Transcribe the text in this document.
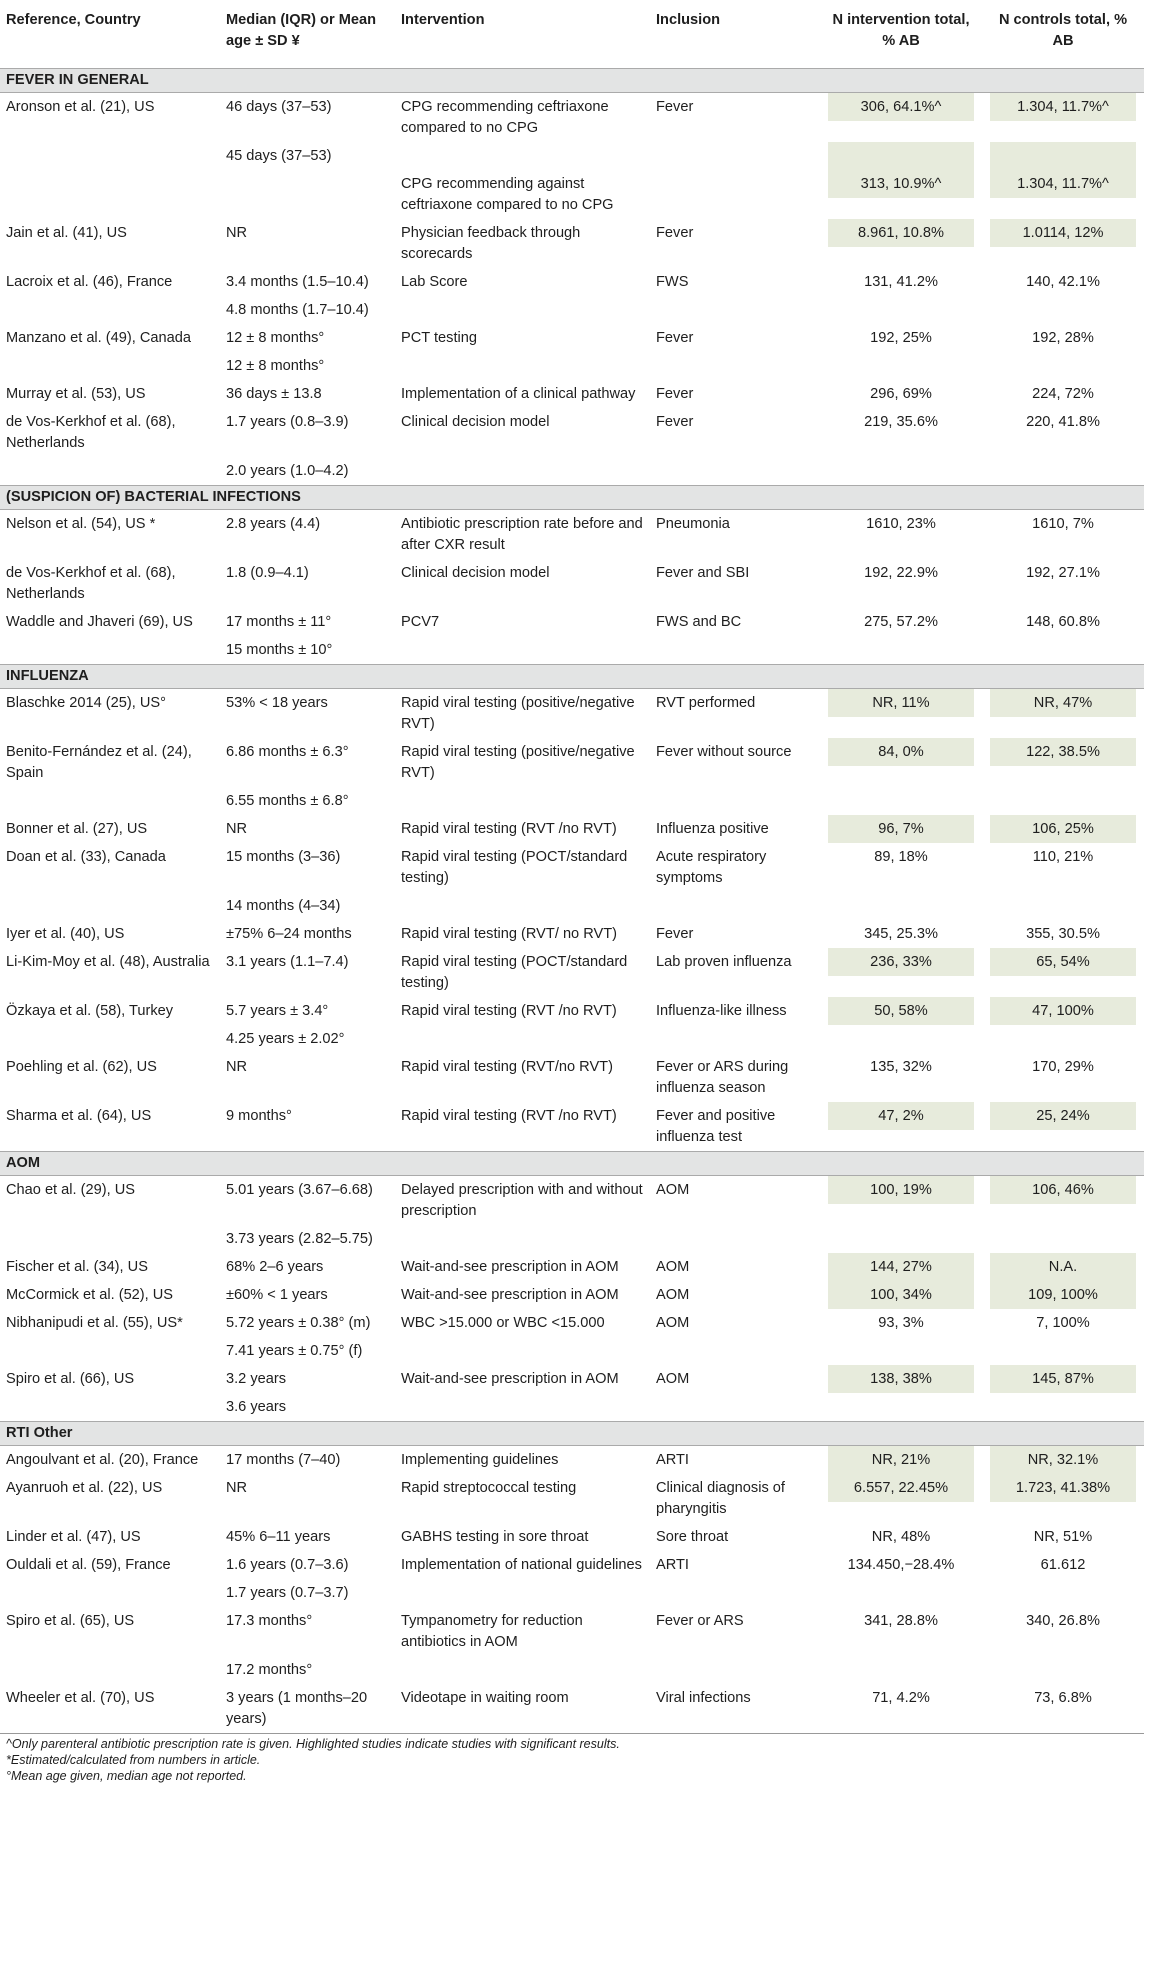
Reference, Country	Median (IQR) or Mean age ± SD ¥	Intervention	Inclusion	N intervention total, % AB	N controls total, % AB
FEVER IN GENERAL					
Aronson et al. (21), US	46 days (37–53)	CPG recommending ceftriaxone compared to no CPG	Fever	306, 64.1%^	1.304, 11.7%^

	45 days (37–53)			

		CPG recommending against ceftriaxone compared to no CPG		313, 10.9%^	1.304, 11.7%^

Jain et al. (41), US	NR	Physician feedback through scorecards	Fever	8.961, 10.8%	1.0114, 12%

Lacroix et al. (46), France	3.4 months (1.5–10.4)	Lab Score	FWS	131, 41.2%	140, 42.1%

	4.8 months (1.7–10.4)			

Manzano et al. (49), Canada	12 ± 8 months°	PCT testing	Fever	192, 25%	192, 28%

	12 ± 8 months°			

Murray et al. (53), US	36 days ± 13.8	Implementation of a clinical pathway	Fever	296, 69%	224, 72%

de Vos-Kerkhof et al. (68), Netherlands	1.7 years (0.8–3.9)	Clinical decision model	Fever	219, 35.6%	220, 41.8%

	2.0 years (1.0–4.2)			

(SUSPICION OF) BACTERIAL INFECTIONS					
Nelson et al. (54), US *	2.8 years (4.4)	Antibiotic prescription rate before and after CXR result	Pneumonia	1610, 23%	1610, 7%

de Vos-Kerkhof et al. (68), Netherlands	1.8 (0.9–4.1)	Clinical decision model	Fever and SBI	192, 22.9%	192, 27.1%

Waddle and Jhaveri (69), US	17 months ± 11°	PCV7	FWS and BC	275, 57.2%	148, 60.8%

	15 months ± 10°			

INFLUENZA					
Blaschke 2014 (25), US°	53% < 18 years	Rapid viral testing (positive/negative RVT)	RVT performed	NR, 11%	NR, 47%

Benito-Fernández et al. (24), Spain	6.86 months ± 6.3°	Rapid viral testing (positive/negative RVT)	Fever without source	84, 0%	122, 38.5%

	6.55 months ± 6.8°			

Bonner et al. (27), US	NR	Rapid viral testing (RVT /no RVT)	Influenza positive	96, 7%	106, 25%

Doan et al. (33), Canada	15 months (3–36)	Rapid viral testing (POCT/standard testing)	Acute respiratory symptoms	89, 18%	110, 21%

	14 months (4–34)			

Iyer et al. (40), US	±75% 6–24 months	Rapid viral testing (RVT/ no RVT)	Fever	345, 25.3%	355, 30.5%

Li-Kim-Moy et al. (48), Australia	3.1 years (1.1–7.4)	Rapid viral testing (POCT/standard testing)	Lab proven influenza	236, 33%	65, 54%

Özkaya et al. (58), Turkey	5.7 years ± 3.4°	Rapid viral testing (RVT /no RVT)	Influenza-like illness	50, 58%	47, 100%

	4.25 years ± 2.02°			

Poehling et al. (62), US	NR	Rapid viral testing (RVT/no RVT)	Fever or ARS during influenza season	135, 32%	170, 29%

Sharma et al. (64), US	9 months°	Rapid viral testing (RVT /no RVT)	Fever and positive influenza test	47, 2%	25, 24%

AOM					
Chao et al. (29), US	5.01 years (3.67–6.68)	Delayed prescription with and without prescription	AOM	100, 19%	106, 46%

	3.73 years (2.82–5.75)			

Fischer et al. (34), US	68% 2–6 years	Wait-and-see prescription in AOM	AOM	144, 27%	N.A.

McCormick et al. (52), US	±60% < 1 years	Wait-and-see prescription in AOM	AOM	100, 34%	109, 100%

Nibhanipudi et al. (55), US*	5.72 years ± 0.38° (m)	WBC >15.000 or WBC <15.000	AOM	93, 3%	7, 100%

	7.41 years ± 0.75° (f)			

Spiro et al. (66), US	3.2 years	Wait-and-see prescription in AOM	AOM	138, 38%	145, 87%

	3.6 years			

RTI Other					
Angoulvant et al. (20), France	17 months (7–40)	Implementing guidelines	ARTI	NR, 21%	NR, 32.1%

Ayanruoh et al. (22), US	NR	Rapid streptococcal testing	Clinical diagnosis of pharyngitis	6.557, 22.45%	1.723, 41.38%

Linder et al. (47), US	45% 6–11 years	GABHS testing in sore throat	Sore throat	NR, 48%	NR, 51%

Ouldali et al. (59), France	1.6 years (0.7–3.6)	Implementation of national guidelines	ARTI	134.450,−28.4%	61.612

	1.7 years (0.7–3.7)			

Spiro et al. (65), US	17.3 months°	Tympanometry for reduction antibiotics in AOM	Fever or ARS	341, 28.8%	340, 26.8%

	17.2 months°			

Wheeler et al. (70), US	3 years (1 months–20 years)	Videotape in waiting room	Viral infections	71, 4.2%	73, 6.8%
^Only parenteral antibiotic prescription rate is given. Highlighted studies indicate studies with significant results.
*Estimated/calculated from numbers in article.
°Mean age given, median age not reported.
